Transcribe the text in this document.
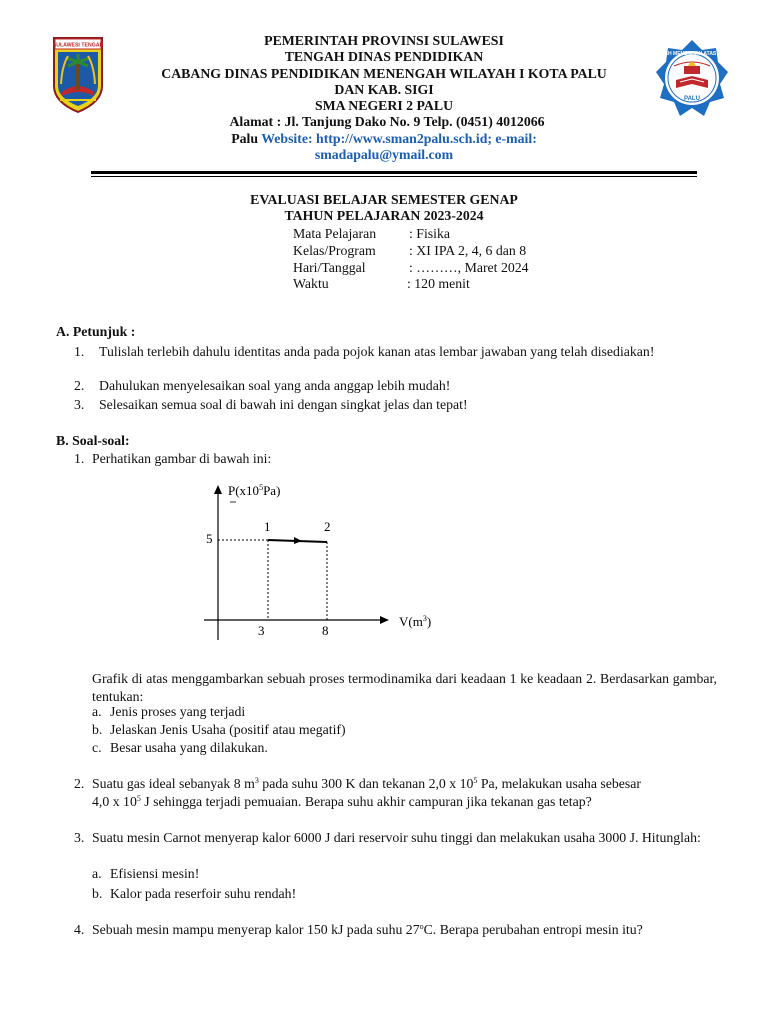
SULAWESI TENGAH	PEMERINTAH PROVINSI SULAWESI
TENGAH DINAS PENDIDIKAN
CABANG DINAS PENDIDIKAN MENENGAH WILAYAH I KOTA PALU
DAN KAB. SIGI
SMA NEGERI 2 PALU
Alamat : Jl. Tanjung Dako No. 9 Telp. (0451) 4012066
Palu Website: http://www.sman2palu.sch.id; e-mail:
smadapalu@ymail.com
SEKOLAH MENENGAH ATAS NEGERI
PALU
EVALUASI BELAJAR SEMESTER GENAP
TAHUN PELAJARAN 2023-2024
Mata Pelajaran : Fisika
Kelas/Program : XI IPA 2, 4, 6 dan 8
Hari/Tanggal	: ………, Maret 2024
Waktu	: 120 menit
A. Petunjuk :
1. Tulislah terlebih dahulu identitas anda pada pojok kanan atas lembar jawaban yang telah disediakan!
2. Dahulukan menyelesaikan soal yang anda anggap lebih mudah!
3. Selesaikan semua soal di bawah ini dengan singkat jelas dan tepat!
B. Soal-soal:
1. Perhatikan gambar di bawah ini:
$P(x10^5Pa)$
$V(m^3)$
5
3	8
1	2
Grafik di atas menggambarkan sebuah proses termodinamika dari keadaan 1 ke keadaan 2. Berdasarkan gambar, tentukan:
a. Jenis proses yang terjadi
b. Jelaskan Jenis Usaha (positif atau megatif)
c. Besar usaha yang dilakukan.
2. Suatu gas ideal sebanyak 8 $m^3$ pada suhu 300 K dan tekanan 2,0 x $10^5$ Pa, melakukan usaha sebesar
4,0 x $10^5$ J sehingga terjadi pemuaian. Berapa suhu akhir campuran jika tekanan gas tetap?
3. Suatu mesin Carnot menyerap kalor 6000 J dari reservoir suhu tinggi dan melakukan usaha 3000 J. Hitunglah:
a. Efisiensi mesin!
b. Kalor pada reserfoir suhu rendah!
4. Sebuah mesin mampu menyerap kalor 150 kJ pada suhu 27$^o$C. Berapa perubahan entropi mesin itu?
